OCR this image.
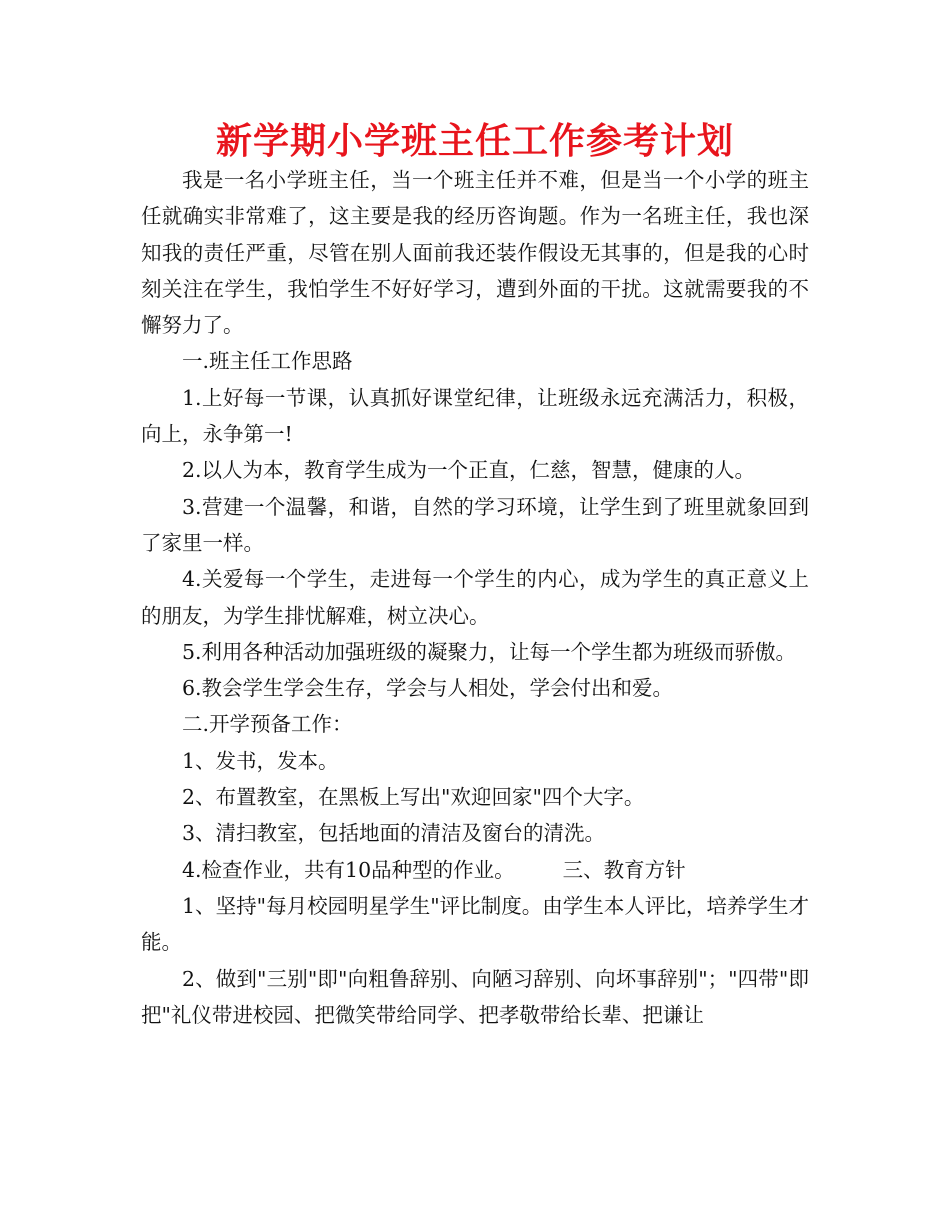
新学期小学班主任工作参考计划

我是一名小学班主任，当一个班主任并不难，但是当一个小学的班主任就确实非常难了，这主要是我的经历咨询题。作为一名班主任，我也深知我的责任严重，尽管在别人面前我还装作假设无其事的，但是我的心时刻关注在学生，我怕学生不好好学习，遭到外面的干扰。这就需要我的不懈努力了。

一.班主任工作思路

1.上好每一节课，认真抓好课堂纪律，让班级永远充满活力，积极，向上，永争第一!

2.以人为本，教育学生成为一个正直，仁慈，智慧，健康的人。

3.营建一个温馨，和谐，自然的学习环境，让学生到了班里就象回到了家里一样。

4.关爱每一个学生，走进每一个学生的内心，成为学生的真正意义上的朋友，为学生排忧解难，树立决心。

5.利用各种活动加强班级的凝聚力，让每一个学生都为班级而骄傲。

6.教会学生学会生存，学会与人相处，学会付出和爱。

二.开学预备工作：

1、发书，发本。

2、布置教室，在黑板上写出"欢迎回家"四个大字。

3、清扫教室，包括地面的清洁及窗台的清洗。

4.检查作业，共有10品种型的作业。 三、教育方针

1、坚持"每月校园明星学生"评比制度。由学生本人评比，培养学生才能。

2、做到"三别"即"向粗鲁辞别、向陋习辞别、向坏事辞别"；"四带"即把"礼仪带进校园、把微笑带给同学、把孝敬带给长辈、把谦让
